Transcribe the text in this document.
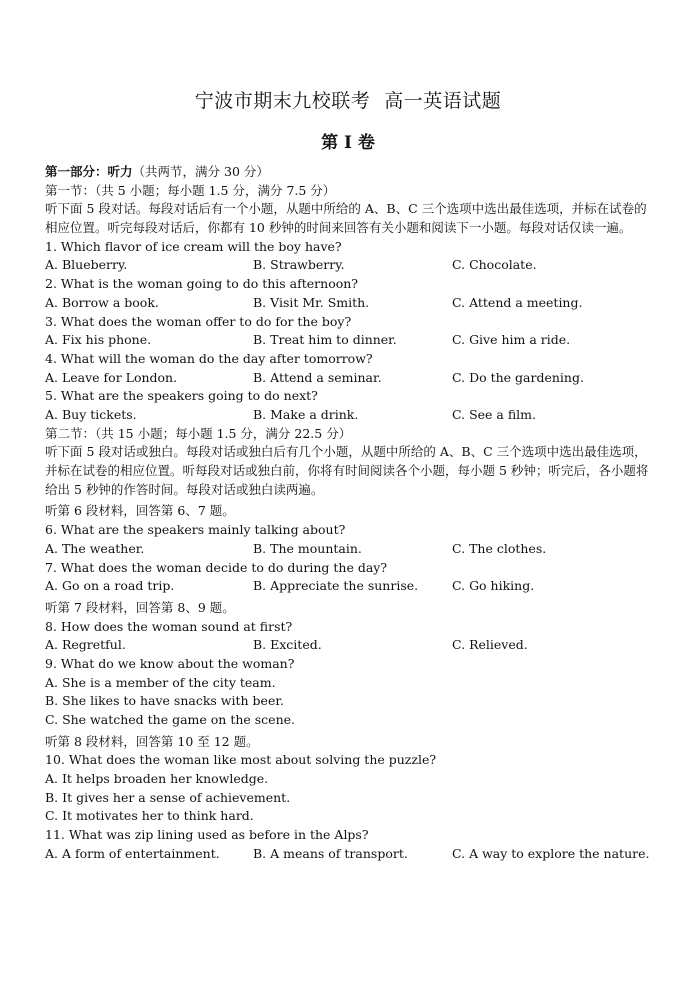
宁波市期末九校联考 高一英语试题
第 I 卷
第一部分：听力（共两节，满分 30 分）
第一节：（共 5 小题；每小题 1.5 分，满分 7.5 分）
听下面 5 段对话。每段对话后有一个小题，从题中所给的 A、B、C 三个选项中选出最佳选项，并标在试卷的相应位置。听完每段对话后，你都有 10 秒钟的时间来回答有关小题和阅读下一小题。每段对话仅读一遍。
1. Which flavor of ice cream will the boy have?
A. Blueberry.	B. Strawberry.	C. Chocolate.
2. What is the woman going to do this afternoon?
A. Borrow a book.	B. Visit Mr. Smith.	C. Attend a meeting.
3. What does the woman offer to do for the boy?
A. Fix his phone.	B. Treat him to dinner.	C. Give him a ride.
4. What will the woman do the day after tomorrow?
A. Leave for London.	B. Attend a seminar.	C. Do the gardening.
5. What are the speakers going to do next?
A. Buy tickets.	B. Make a drink.	C. See a film.
第二节：（共 15 小题；每小题 1.5 分，满分 22.5 分）
听下面 5 段对话或独白。每段对话或独白后有几个小题，从题中所给的 A、B、C 三个选项中选出最佳选项，并标在试卷的相应位置。听每段对话或独白前，你将有时间阅读各个小题，每小题 5 秒钟；听完后，各小题将给出 5 秒钟的作答时间。每段对话或独白读两遍。
听第 6 段材料，回答第 6、7 题。
6. What are the speakers mainly talking about?
A. The weather.	B. The mountain.	C. The clothes.
7. What does the woman decide to do during the day?
A. Go on a road trip.	B. Appreciate the sunrise.	C. Go hiking.
听第 7 段材料，回答第 8、9 题。
8. How does the woman sound at first?
A. Regretful.	B. Excited.	C. Relieved.
9. What do we know about the woman?
A. She is a member of the city team.
B. She likes to have snacks with beer.
C. She watched the game on the scene.
听第 8 段材料，回答第 10 至 12 题。
10. What does the woman like most about solving the puzzle?
A. It helps broaden her knowledge.
B. It gives her a sense of achievement.
C. It motivates her to think hard.
11. What was zip lining used as before in the Alps?
A. A form of entertainment.	B. A means of transport.	C. A way to explore the nature.
